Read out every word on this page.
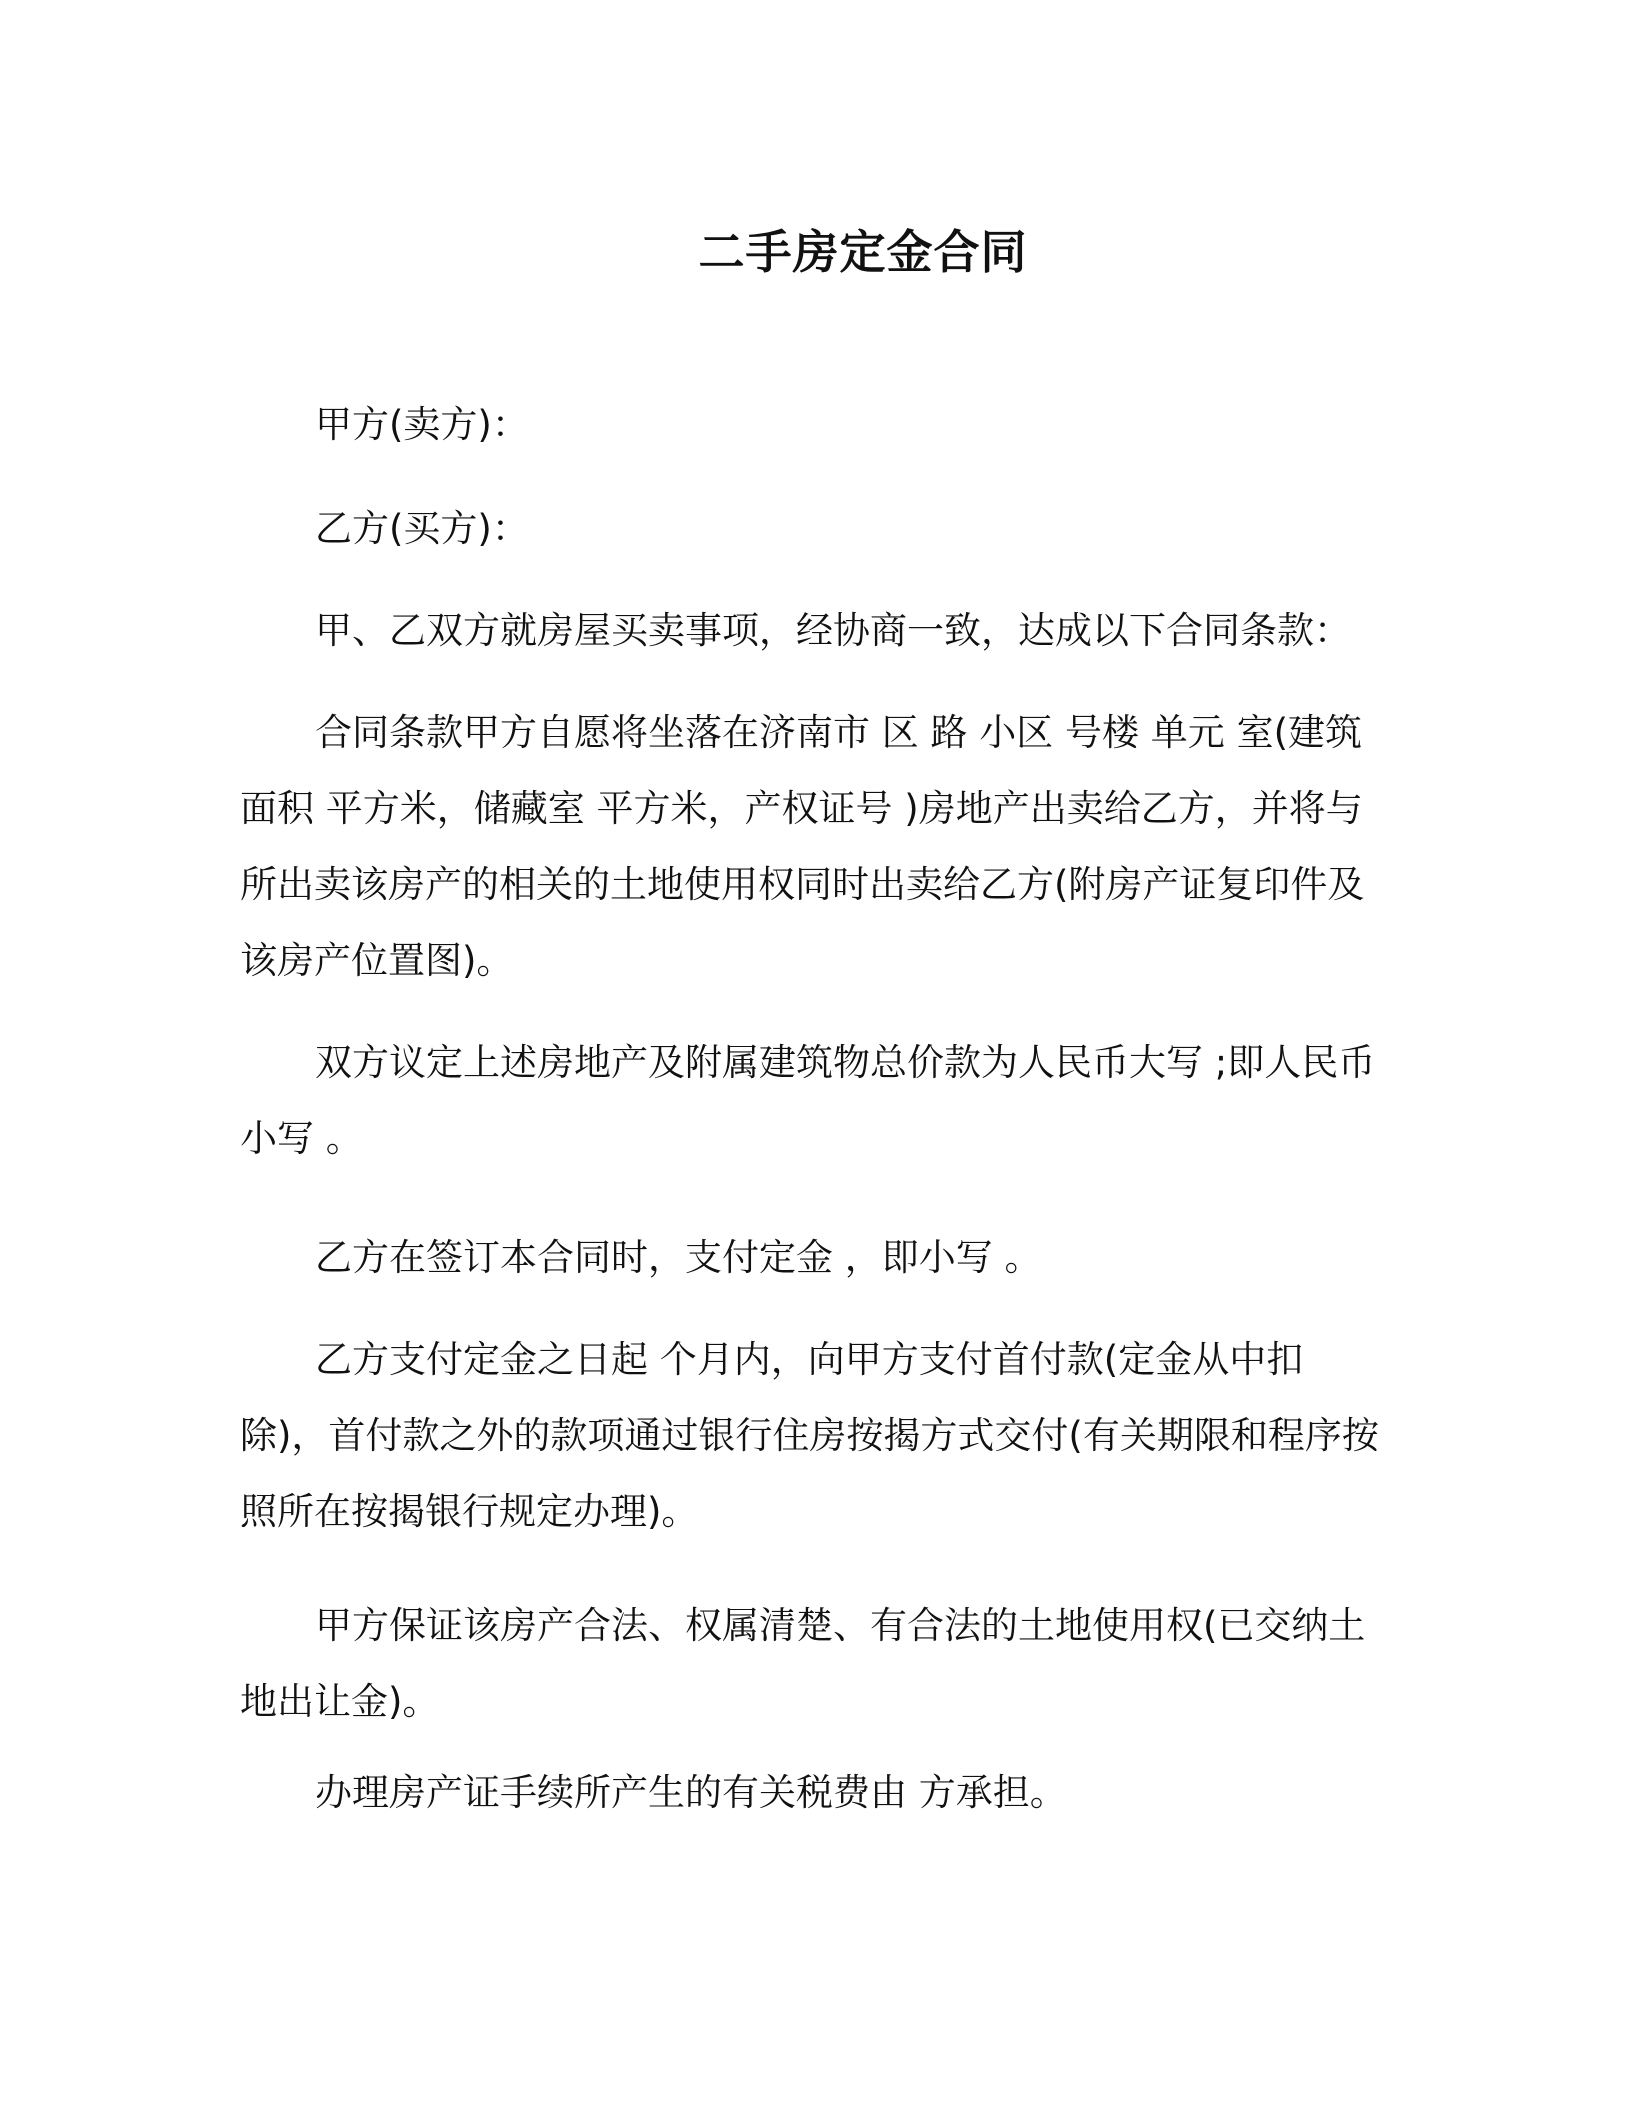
二手房定金合同
甲方(卖方)：
乙方(买方)：
甲、乙双方就房屋买卖事项，经协商一致，达成以下合同条款：
合同条款甲方自愿将坐落在济南市 区 路 小区 号楼 单元 室(建筑面积 平方米，储藏室 平方米，产权证号 )房地产出卖给乙方，并将与所出卖该房产的相关的土地使用权同时出卖给乙方(附房产证复印件及该房产位置图)。
双方议定上述房地产及附属建筑物总价款为人民币大写 ;即人民币小写 。
乙方在签订本合同时，支付定金 ，即小写 。
乙方支付定金之日起 个月内，向甲方支付首付款(定金从中扣除)，首付款之外的款项通过银行住房按揭方式交付(有关期限和程序按照所在按揭银行规定办理)。
甲方保证该房产合法、权属清楚、有合法的土地使用权(已交纳土地出让金)。
办理房产证手续所产生的有关税费由 方承担。
